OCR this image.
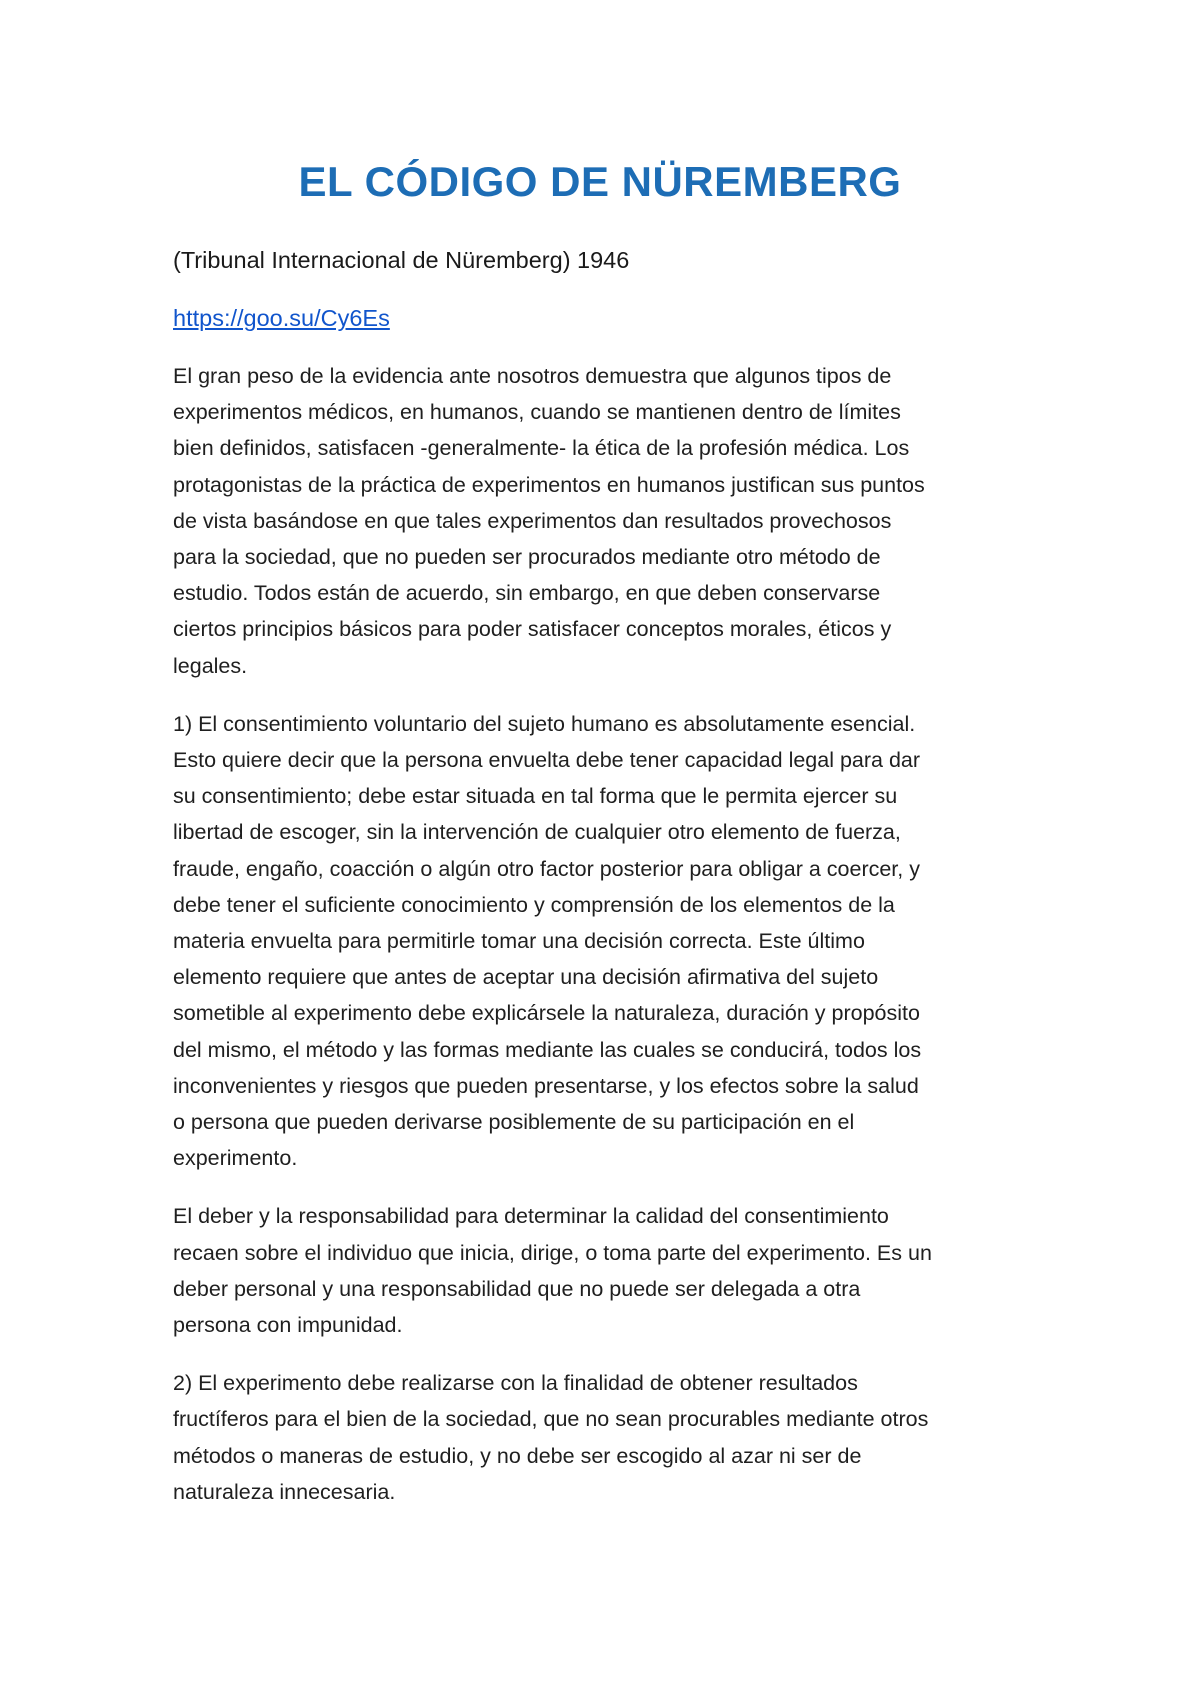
EL CÓDIGO DE NÜREMBERG

(Tribunal Internacional de Nüremberg) 1946

https://goo.su/Cy6Es

El gran peso de la evidencia ante nosotros demuestra que algunos tipos de
experimentos médicos, en humanos, cuando se mantienen dentro de límites
bien definidos, satisfacen -generalmente- la ética de la profesión médica. Los
protagonistas de la práctica de experimentos en humanos justifican sus puntos
de vista basándose en que tales experimentos dan resultados provechosos
para la sociedad, que no pueden ser procurados mediante otro método de
estudio. Todos están de acuerdo, sin embargo, en que deben conservarse
ciertos principios básicos para poder satisfacer conceptos morales, éticos y
legales.

1) El consentimiento voluntario del sujeto humano es absolutamente esencial.
Esto quiere decir que la persona envuelta debe tener capacidad legal para dar
su consentimiento; debe estar situada en tal forma que le permita ejercer su
libertad de escoger, sin la intervención de cualquier otro elemento de fuerza,
fraude, engaño, coacción o algún otro factor posterior para obligar a coercer, y
debe tener el suficiente conocimiento y comprensión de los elementos de la
materia envuelta para permitirle tomar una decisión correcta. Este último
elemento requiere que antes de aceptar una decisión afirmativa del sujeto
sometible al experimento debe explicársele la naturaleza, duración y propósito
del mismo, el método y las formas mediante las cuales se conducirá, todos los
inconvenientes y riesgos que pueden presentarse, y los efectos sobre la salud
o persona que pueden derivarse posiblemente de su participación en el
experimento.

El deber y la responsabilidad para determinar la calidad del consentimiento
recaen sobre el individuo que inicia, dirige, o toma parte del experimento. Es un
deber personal y una responsabilidad que no puede ser delegada a otra
persona con impunidad.

2) El experimento debe realizarse con la finalidad de obtener resultados
fructíferos para el bien de la sociedad, que no sean procurables mediante otros
métodos o maneras de estudio, y no debe ser escogido al azar ni ser de
naturaleza innecesaria.
